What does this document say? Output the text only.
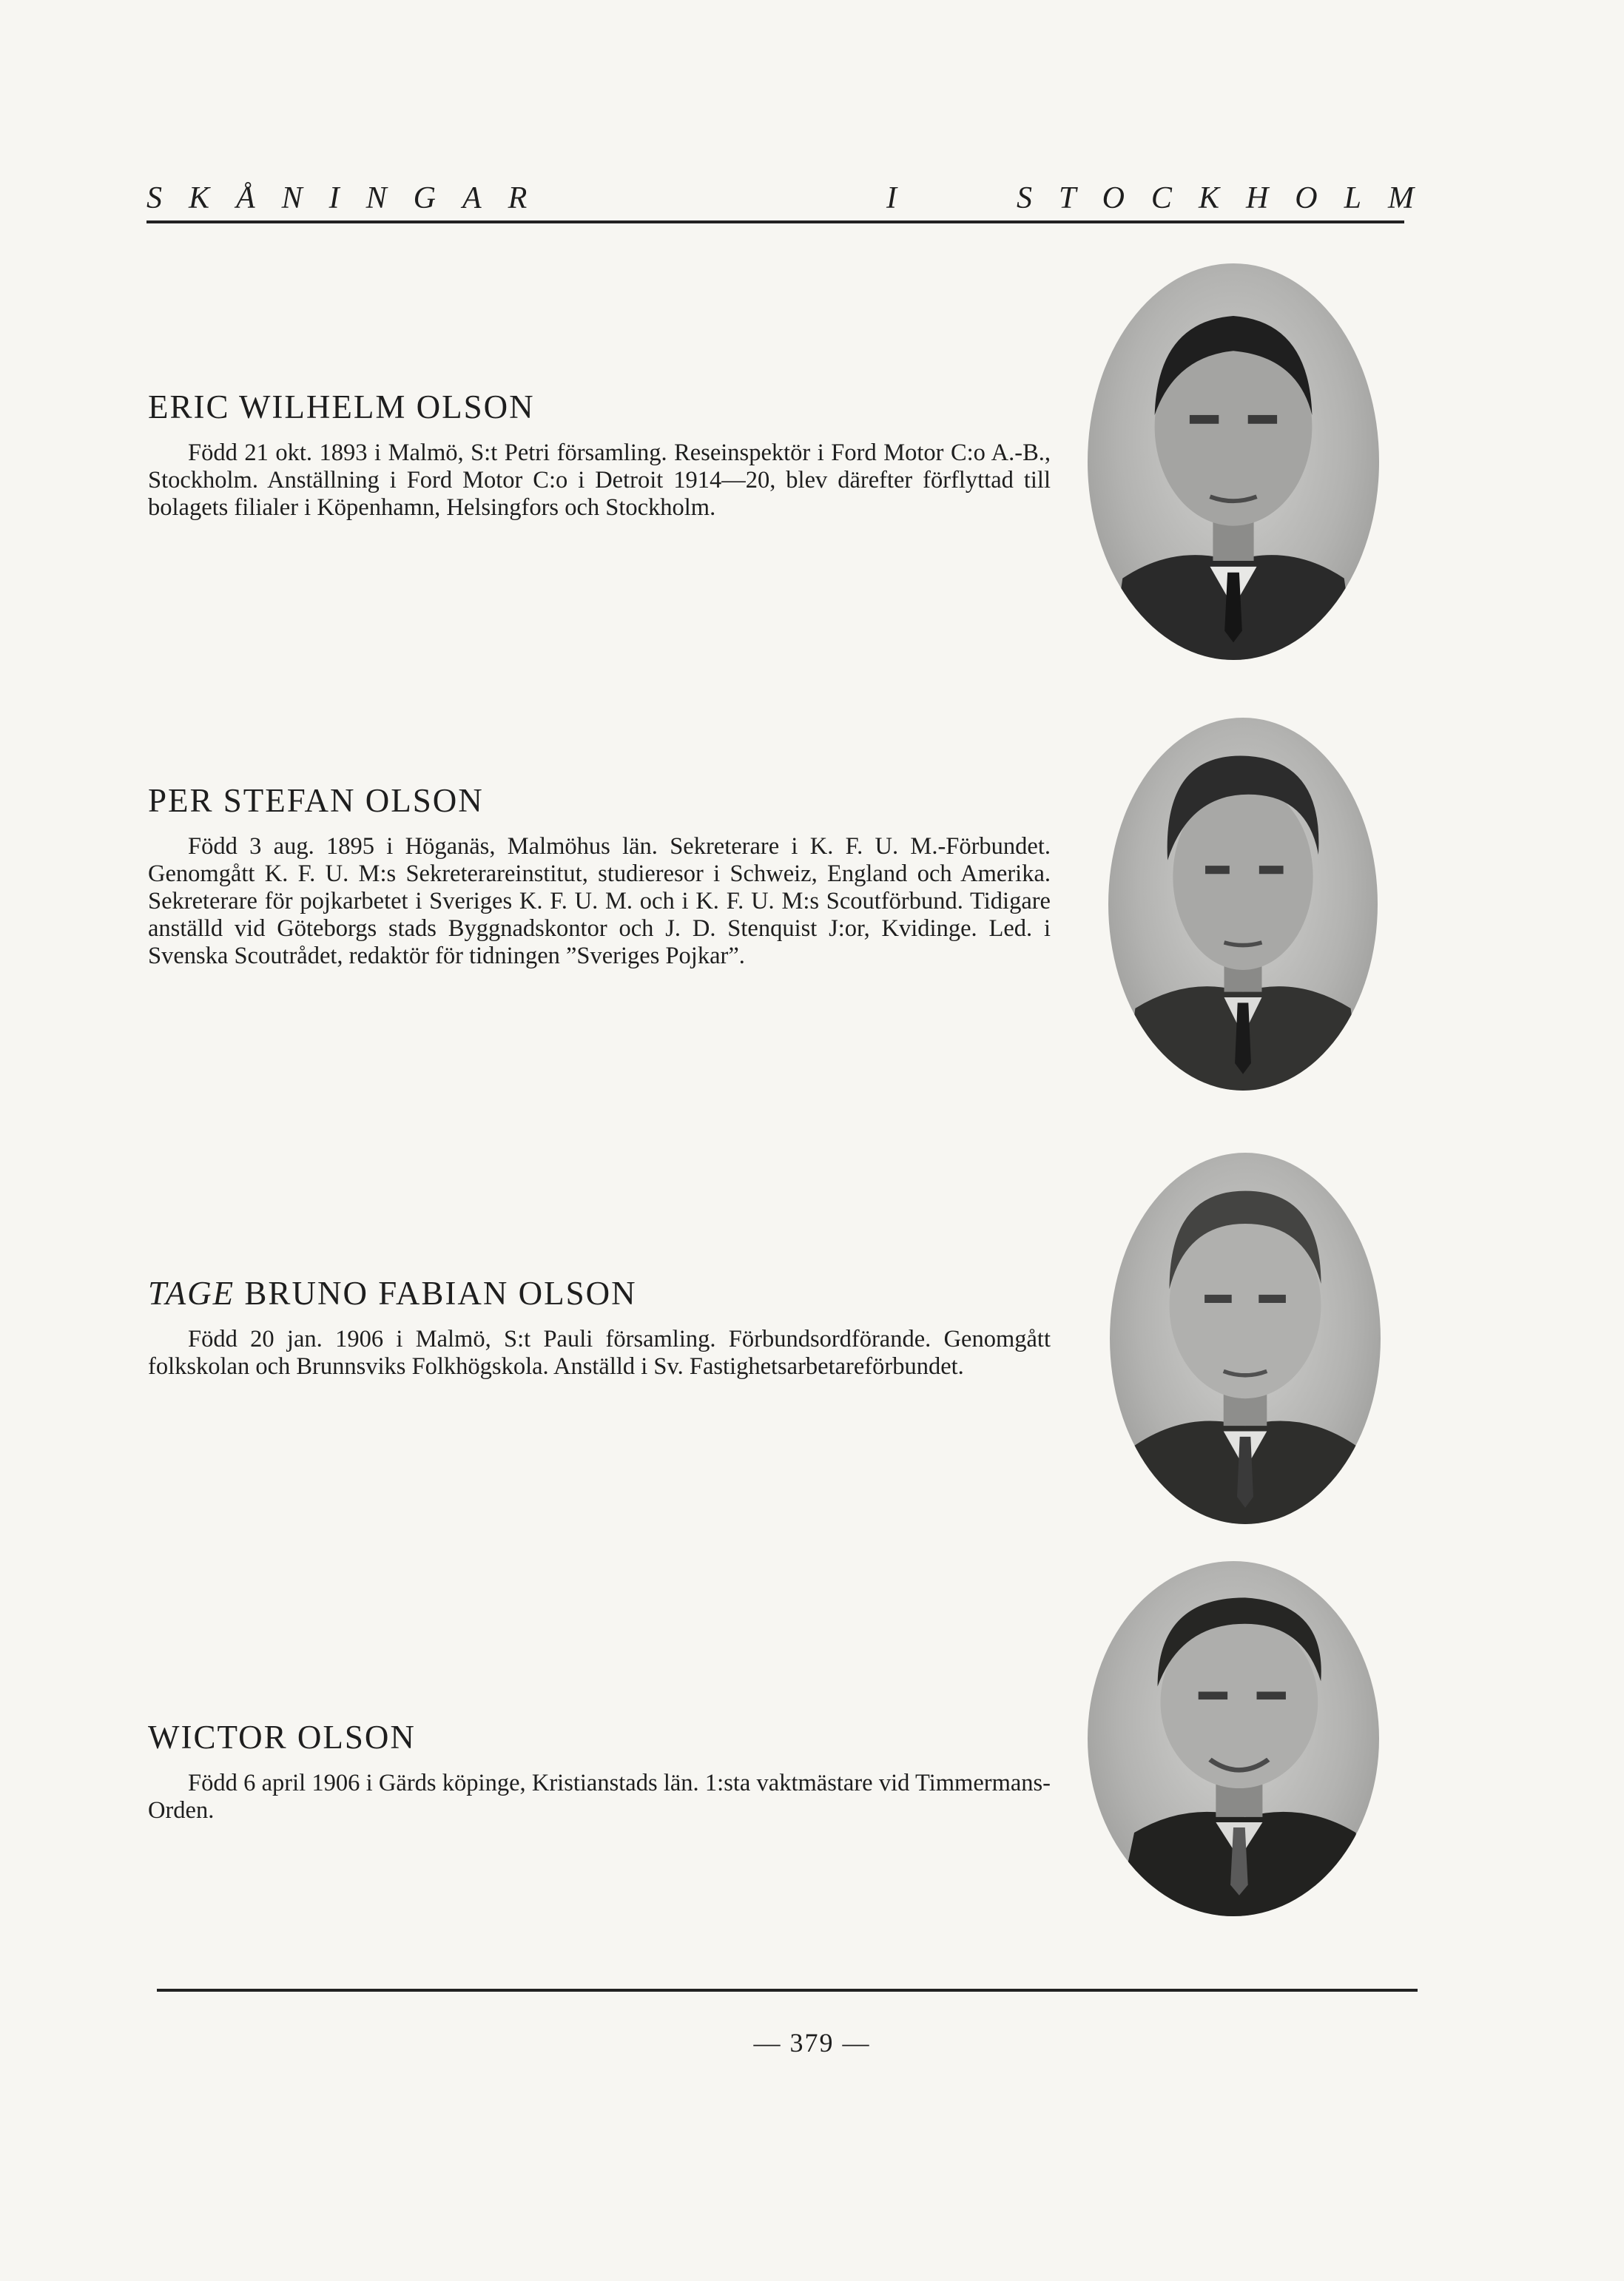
SKÅNINGAR	I	STOCKHOLM
ERIC WILHELM OLSON

Född 21 okt. 1893 i Malmö, S:t Petri församling. Reseinspektör i Ford Motor C:o A.-B., Stockholm. Anställning i Ford Motor C:o i Detroit 1914—20, blev därefter förflyttad till bolagets filialer i Köpenhamn, Helsingfors och Stockholm.

PER STEFAN OLSON

Född 3 aug. 1895 i Höganäs, Malmöhus län. Sekreterare i K. F. U. M.-Förbundet. Genomgått K. F. U. M:s Sekreterareinstitut, studieresor i Schweiz, England och Amerika. Sekreterare för pojkarbetet i Sveriges K. F. U. M. och i K. F. U. M:s Scoutförbund. Tidigare anställd vid Göteborgs stads Byggnadskontor och J. D. Stenquist J:or, Kvidinge. Led. i Svenska Scoutrådet, redaktör för tidningen ”Sveriges Pojkar”.

TAGE BRUNO FABIAN OLSON

Född 20 jan. 1906 i Malmö, S:t Pauli församling. Förbundsordförande. Genomgått folkskolan och Brunnsviks Folkhögskola. Anställd i Sv. Fastighetsarbetareförbundet.

WICTOR OLSON

Född 6 april 1906 i Gärds köpinge, Kristianstads län. 1:sta vaktmästare vid Timmermans-Orden.

— 379 —
